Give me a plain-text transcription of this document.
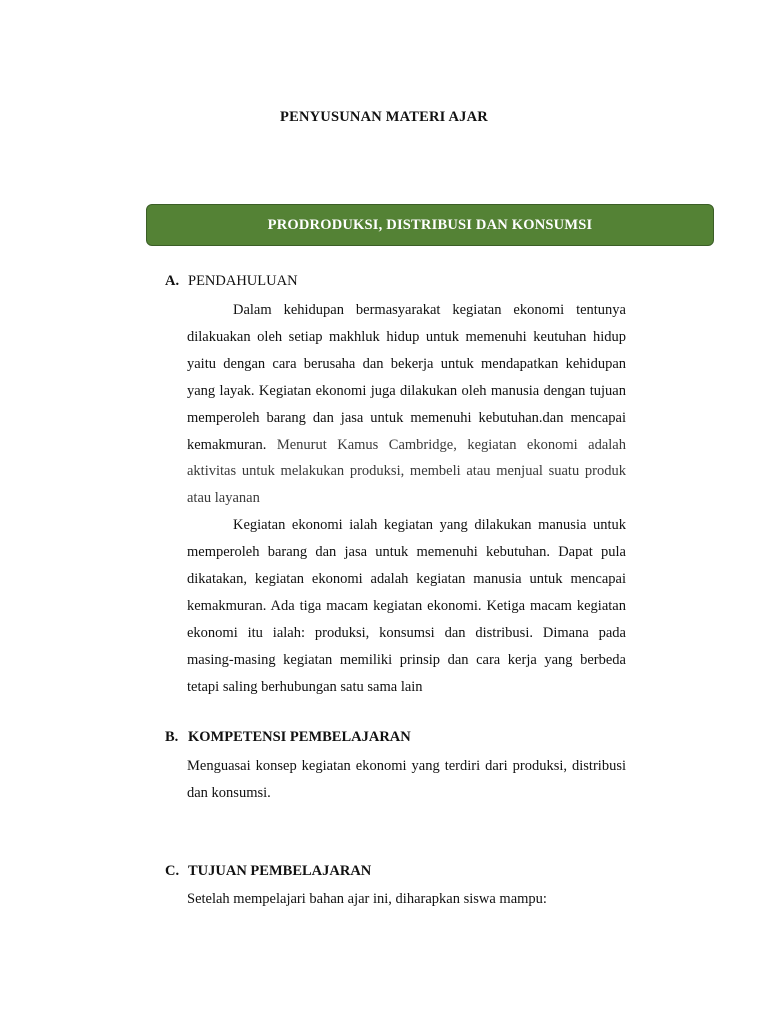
PENYUSUNAN MATERI AJAR
PRODRODUKSI, DISTRIBUSI DAN KONSUMSI
A. PENDAHULUAN

Dalam kehidupan bermasyarakat kegiatan ekonomi tentunya dilakuakan oleh setiap makhluk hidup untuk memenuhi keutuhan hidup yaitu dengan cara berusaha dan bekerja untuk mendapatkan kehidupan yang layak. Kegiatan ekonomi juga dilakukan oleh manusia dengan tujuan memperoleh barang dan jasa untuk memenuhi kebutuhan.dan mencapai kemakmuran. Menurut Kamus Cambridge, kegiatan ekonomi adalah aktivitas untuk melakukan produksi, membeli atau menjual suatu produk atau layanan

Kegiatan ekonomi ialah kegiatan yang dilakukan manusia untuk memperoleh barang dan jasa untuk memenuhi kebutuhan. Dapat pula dikatakan, kegiatan ekonomi adalah kegiatan manusia untuk mencapai kemakmuran. Ada tiga macam kegiatan ekonomi. Ketiga macam kegiatan ekonomi itu ialah: produksi, konsumsi dan distribusi. Dimana pada masing-masing kegiatan memiliki prinsip dan cara kerja yang berbeda tetapi saling berhubungan satu sama lain

B. KOMPETENSI PEMBELAJARAN

Menguasai konsep kegiatan ekonomi yang terdiri dari produksi, distribusi dan konsumsi.

C. TUJUAN PEMBELAJARAN

Setelah mempelajari bahan ajar ini, diharapkan siswa mampu:
